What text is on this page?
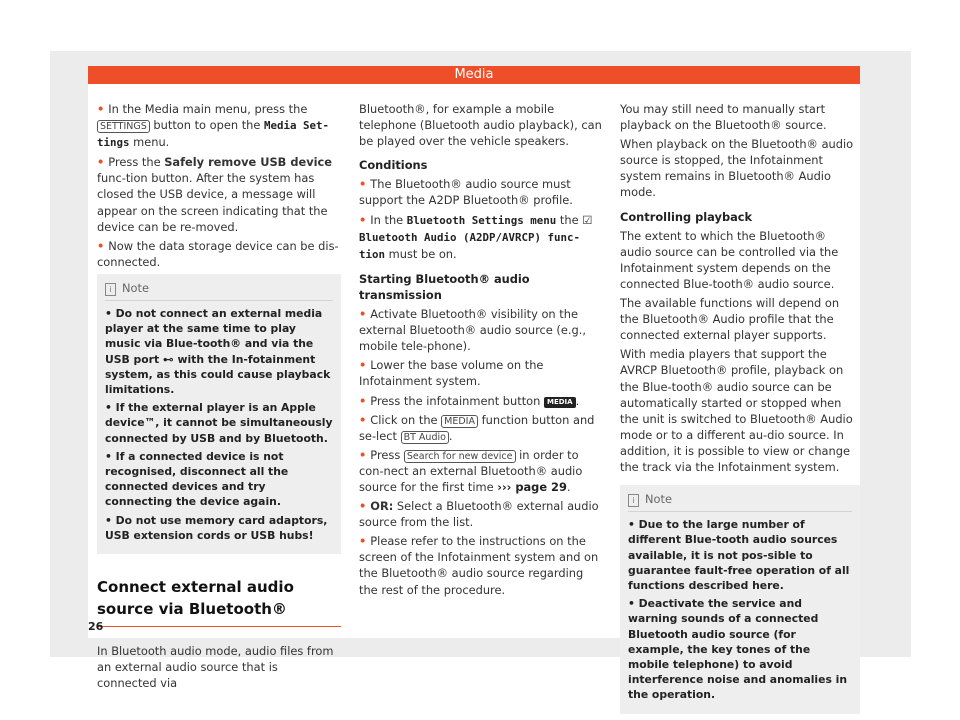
Media

• In the Media main menu, press the SETTINGS button to open the Media Set-tings menu.

• Press the Safely remove USB device func-tion button. After the system has closed the USB device, a message will appear on the screen indicating that the device can be re-moved.

• Now the data storage device can be dis-connected.

i Note

• Do not connect an external media player at the same time to play music via Blue-tooth® and via the USB port ⊷ with the In-fotainment system, as this could cause playback limitations.

• If the external player is an Apple device™, it cannot be simultaneously connected by USB and by Bluetooth.

• If a connected device is not recognised, disconnect all the connected devices and try connecting the device again.

• Do not use memory card adaptors, USB extension cords or USB hubs!

Connect external audio source via Bluetooth®

In Bluetooth audio mode, audio files from an external audio source that is connected via

Bluetooth®, for example a mobile telephone (Bluetooth audio playback), can be played over the vehicle speakers.

Conditions

• The Bluetooth® audio source must support the A2DP Bluetooth® profile.

• In the Bluetooth Settings menu the ☑ Bluetooth Audio (A2DP/AVRCP) func-tion must be on.

Starting Bluetooth® audio transmission

• Activate Bluetooth® visibility on the external Bluetooth® audio source (e.g., mobile tele-phone).

• Lower the base volume on the Infotainment system.

• Press the infotainment button MEDIA .

• Click on the MEDIA function button and se-lect BT Audio .

• Press Search for new device in order to con-nect an external Bluetooth® audio source for the first time ››› page 29.

• OR: Select a Bluetooth® external audio source from the list.

• Please refer to the instructions on the screen of the Infotainment system and on the Bluetooth® audio source regarding the rest of the procedure.

You may still need to manually start playback on the Bluetooth® source.

When playback on the Bluetooth® audio source is stopped, the Infotainment system remains in Bluetooth® Audio mode.

Controlling playback

The extent to which the Bluetooth® audio source can be controlled via the Infotainment system depends on the connected Blue-tooth® audio source.

The available functions will depend on the Bluetooth® Audio profile that the connected external player supports.

With media players that support the AVRCP Bluetooth® profile, playback on the Blue-tooth® audio source can be automatically started or stopped when the unit is switched to Bluetooth® Audio mode or to a different au-dio source. In addition, it is possible to view or change the track via the Infotainment system.

i Note

• Due to the large number of different Blue-tooth audio sources available, it is not pos-sible to guarantee fault-free operation of all functions described here.

• Deactivate the service and warning sounds of a connected Bluetooth audio source (for example, the key tones of the mobile telephone) to avoid interference noise and anomalies in the operation.

26
